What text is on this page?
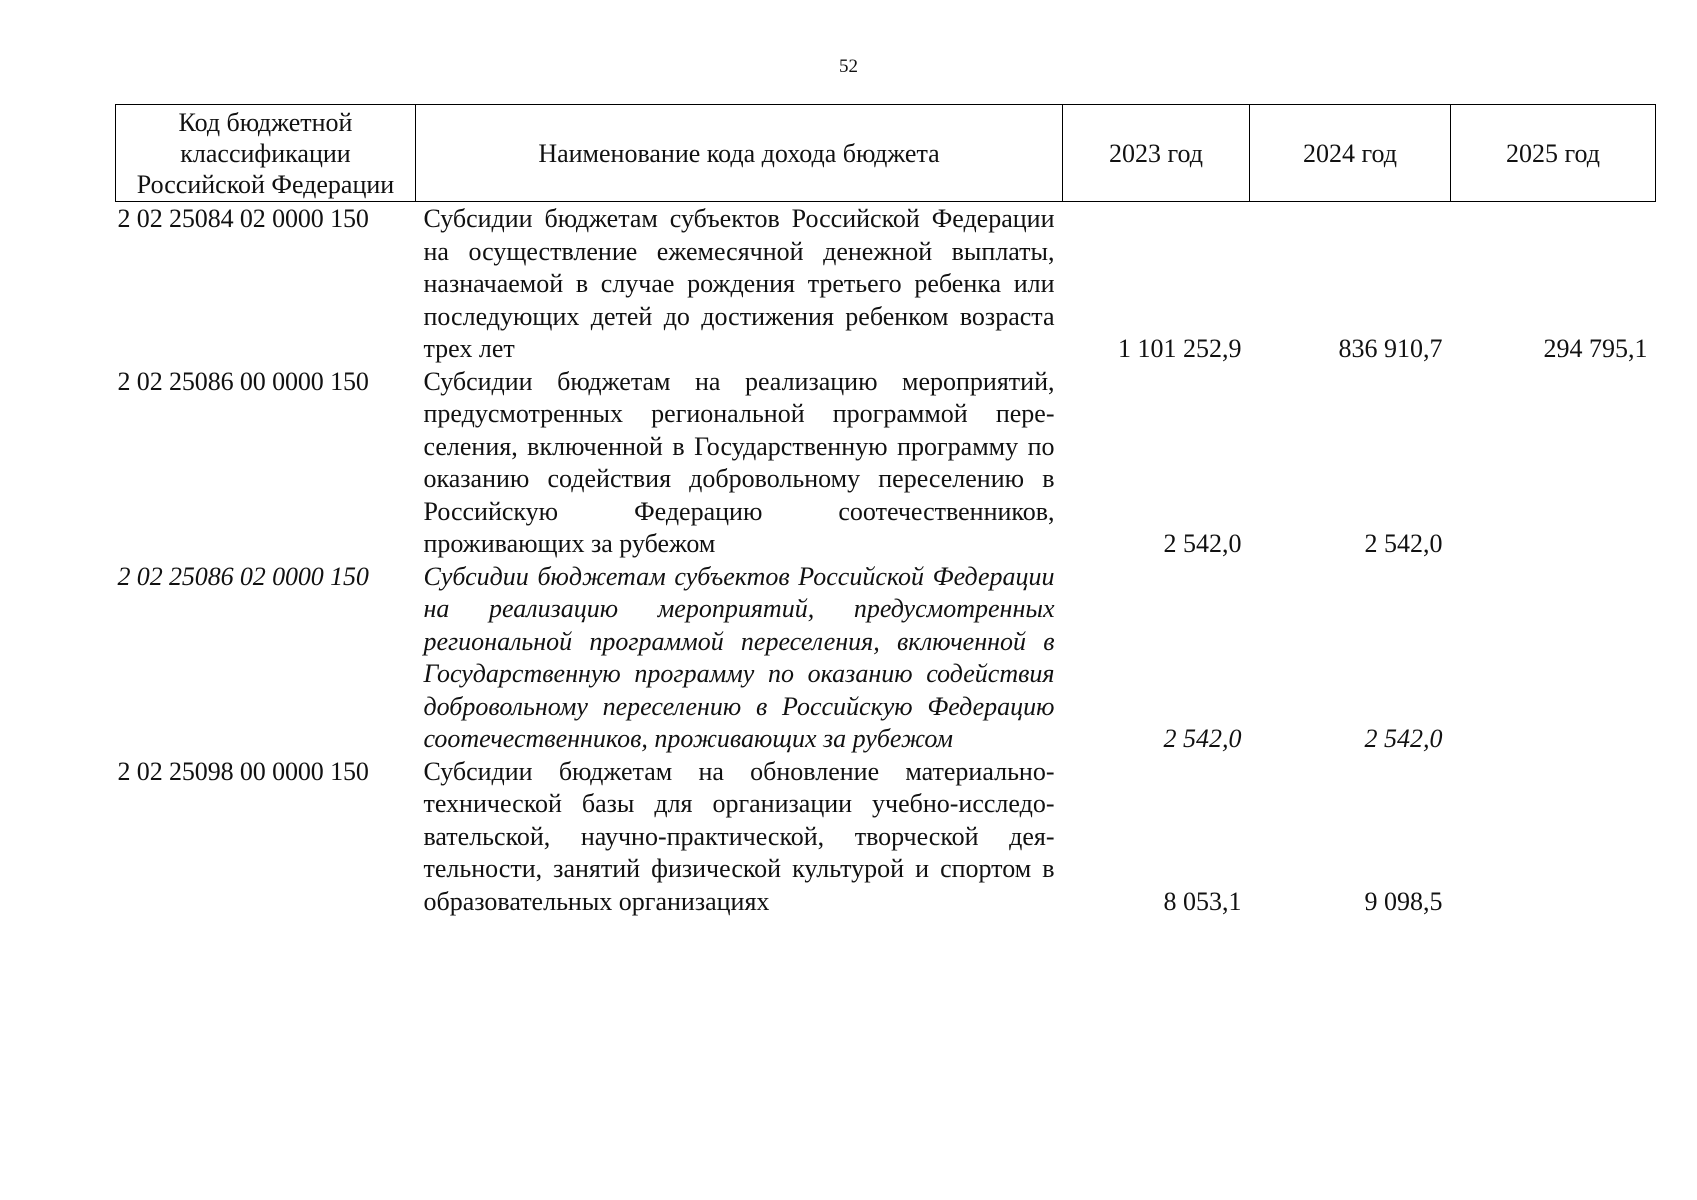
52
Код бюджетной классификации Российской Федерации	Наименование кода дохода бюджета	2023 год	2024 год	2025 год
2 02 25084 02 0000 150	Субсидии бюджетам субъектов Российской Федерации на осуществление ежемесячной денежной выплаты, назначаемой в случае рождения третьего ребенка или последующих детей до достижения ребенком возраста трех лет	1 101 252,9	836 910,7	294 795,1
2 02 25086 00 0000 150	Субсидии бюджетам на реализацию мероприятий, предусмотренных региональной программой переселения, включенной в Государственную программу по оказанию содействия добровольному переселению в Российскую Федерацию соотечественников, проживающих за рубежом	2 542,0	2 542,0	
2 02 25086 02 0000 150	Субсидии бюджетам субъектов Российской Федерации на реализацию мероприятий, предусмотренных региональной программой переселения, включенной в Государственную программу по оказанию содействия добровольному переселению в Российскую Федерацию соотечественников, проживающих за рубежом	2 542,0	2 542,0	
2 02 25098 00 0000 150	Субсидии бюджетам на обновление материально-технической базы для организации учебно-исследовательской, научно-практической, творческой деятельности, занятий физической культурой и спортом в образовательных организациях	8 053,1	9 098,5	
